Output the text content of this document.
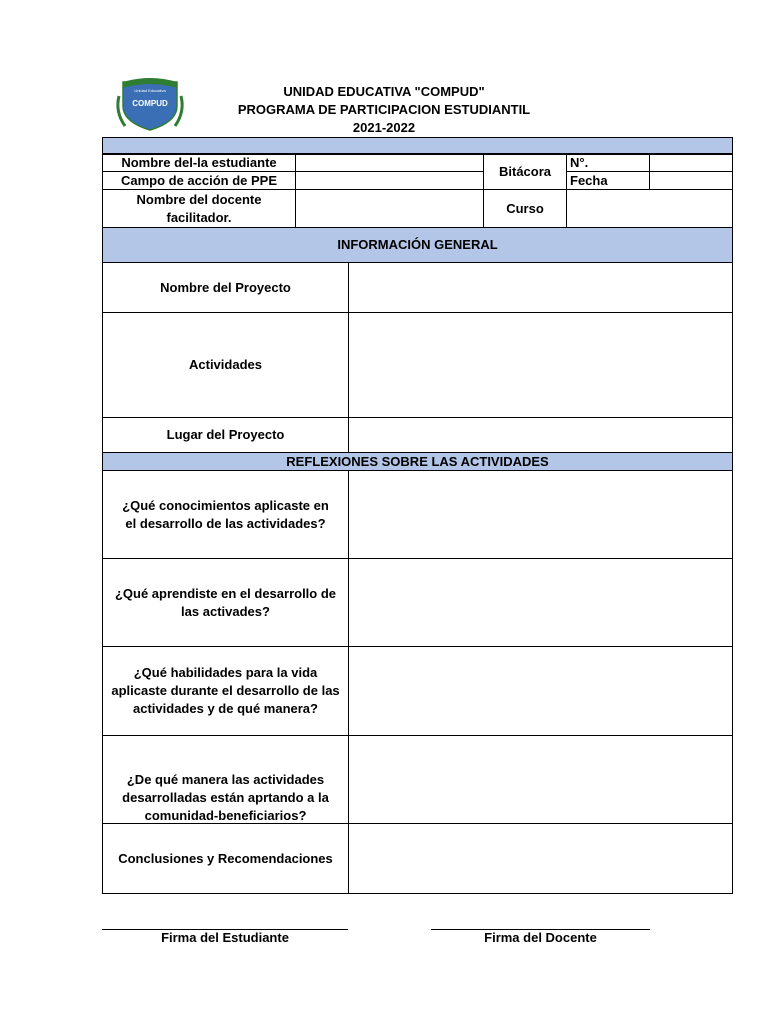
Unidad Educativa
COMPUD
UNIDAD EDUCATIVA "COMPUD"
PROGRAMA DE PARTICIPACION ESTUDIANTIL
2021-2022
Nombre del-la estudiante
Campo de acción de PPE
Bitácora
N°.
Fecha
Nombre del docente facilitador.
Curso
INFORMACIÓN GENERAL
Nombre del Proyecto
Actividades
Lugar del Proyecto
REFLEXIONES SOBRE LAS ACTIVIDADES
¿Qué conocimientos aplicaste en el desarrollo de las actividades?
¿Qué aprendiste en el desarrollo de las activades?
¿Qué habilidades para la vida aplicaste durante el desarrollo de las actividades y de qué manera?
¿De qué manera las actividades desarrolladas están aprtando a la comunidad-beneficiarios?
Conclusiones y Recomendaciones
Firma del Estudiante	Firma del Docente
